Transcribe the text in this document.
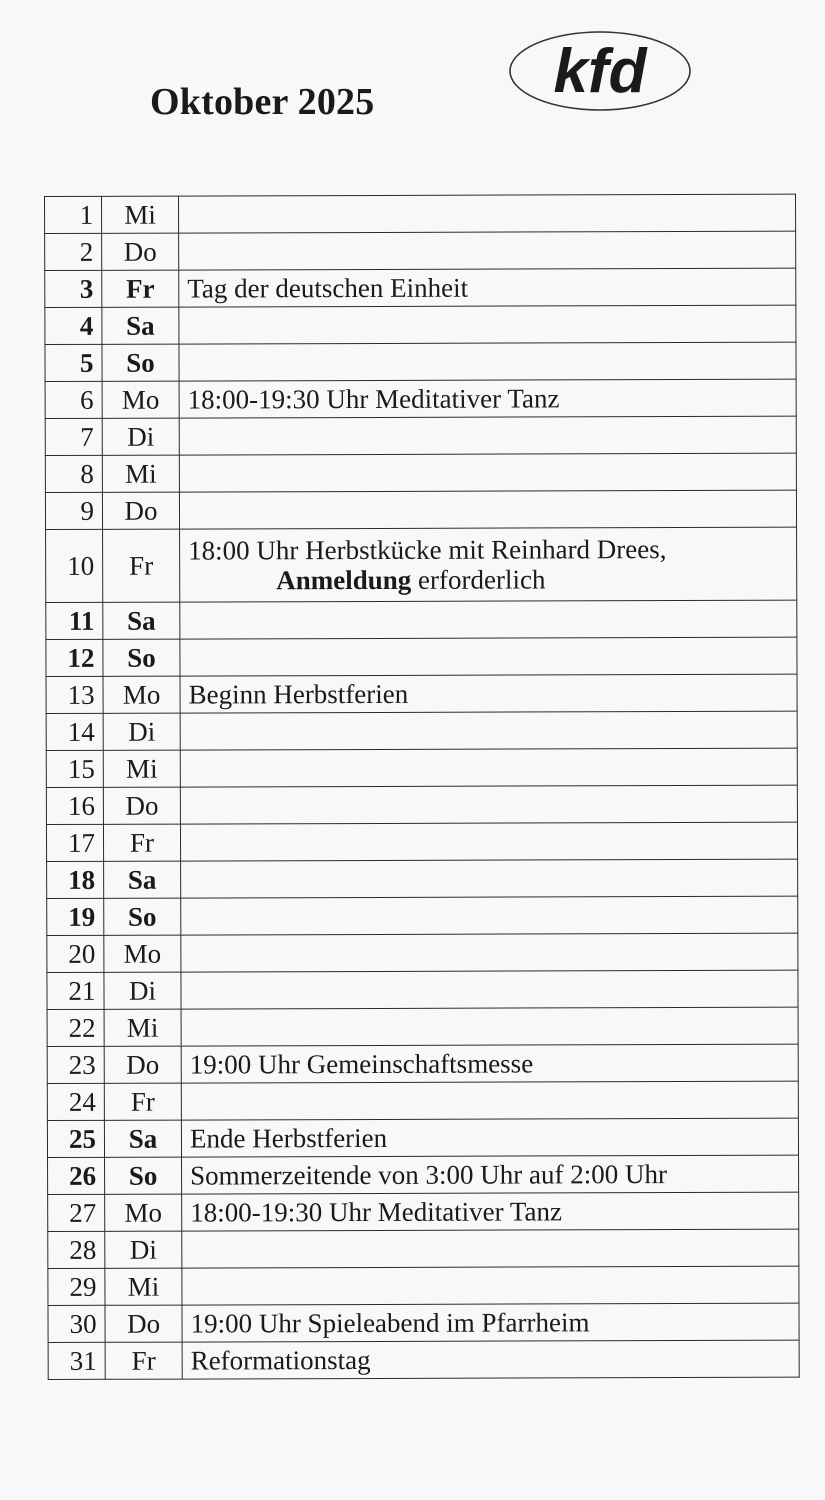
Oktober 2025	kfd
1	Mi	
2	Do	
3	Fr	Tag der deutschen Einheit
4	Sa	
5	So	
6	Mo	18:00-19:30 Uhr Meditativer Tanz
7	Di	
8	Mi	
9	Do	
10	Fr	18:00 Uhr Herbstkücke mit Reinhard Drees,
Anmeldung erforderlich

11	Sa	
12	So	
13	Mo	Beginn Herbstferien
14	Di	
15	Mi	
16	Do	
17	Fr	
18	Sa	
19	So	
20	Mo	
21	Di	
22	Mi	
23	Do	19:00 Uhr Gemeinschaftsmesse
24	Fr	
25	Sa	Ende Herbstferien
26	So	Sommerzeitende von 3:00 Uhr auf 2:00 Uhr
27	Mo	18:00-19:30 Uhr Meditativer Tanz
28	Di	
29	Mi	
30	Do	19:00 Uhr Spieleabend im Pfarrheim
31	Fr	Reformationstag
